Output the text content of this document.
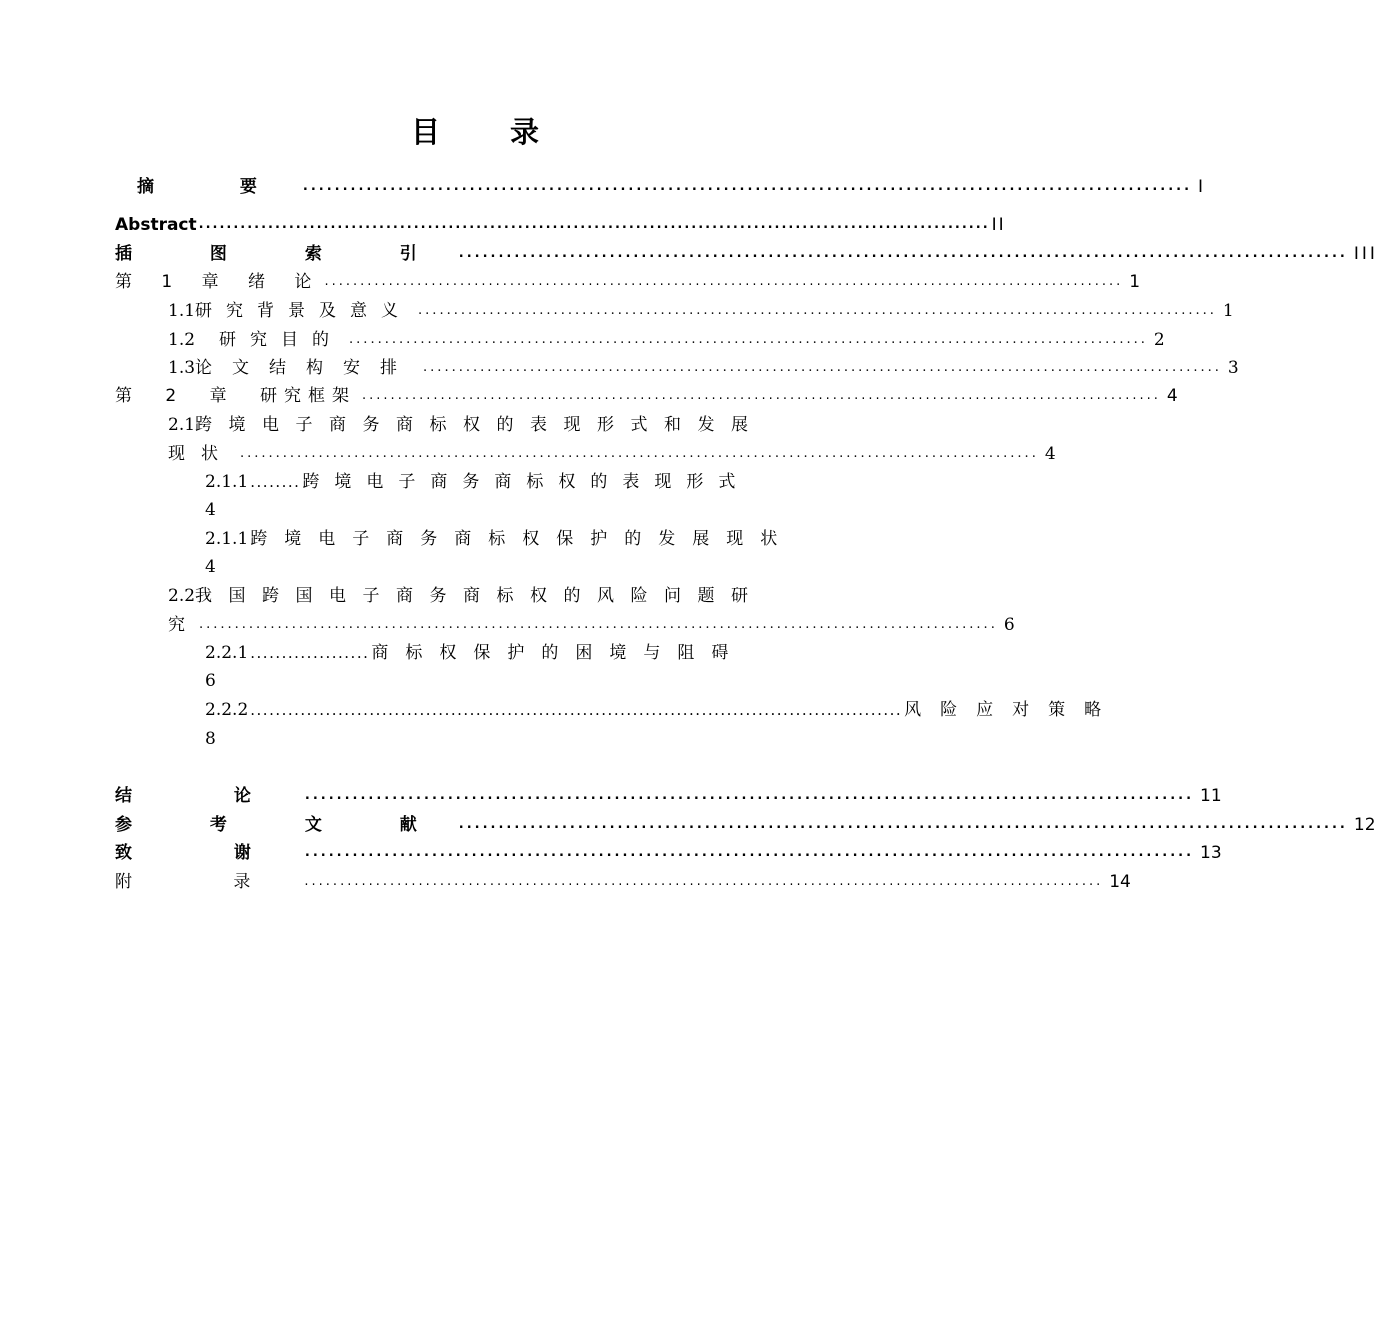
目 录
摘 要 ................................................................................................................ I
Abstract .................................................................................................................. II
插 图 索 引 ................................................................................................................ III
第 1 章 绪 论 ................................................................................................................ 1
1.1 研究背景及意义 ................................................................................................................ 1
1.2 研究目的 ................................................................................................................ 2
1.3 论文结构安排 ................................................................................................................ 3
第 2 章 研究框架 ................................................................................................................ 4
2.1 跨境电子商务商标权的表现形式和发展
现状 ................................................................................................................ 4
2.1.1 ........ 跨境电子商务商标权的表现形式
4
2.1.1 跨境电子商务商标权保护的发展现状
4
2.2 我国跨国电子商务商标权的风险问题研
究 ................................................................................................................ 6
2.2.1 ................... 商标权保护的困境与阻碍
6
2.2.2 ........................................................................................................ 风险应对策略
8
结 论 ................................................................................................................ 11
参 考 文 献 ................................................................................................................ 12
致 谢 ................................................................................................................ 13
附 录 ................................................................................................................ 14
